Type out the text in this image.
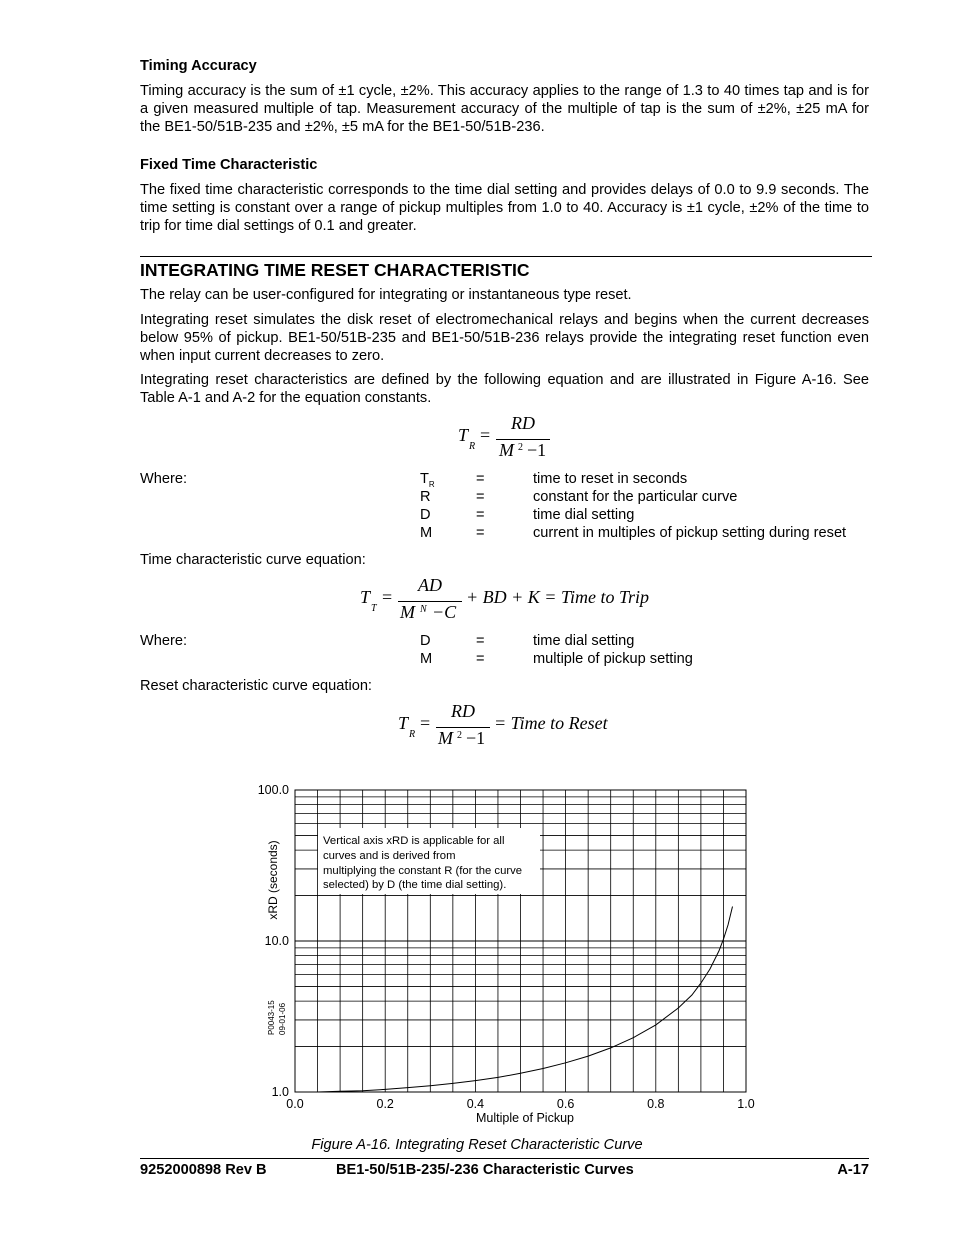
Timing Accuracy

Timing accuracy is the sum of ±1 cycle, ±2%. This accuracy applies to the range of 1.3 to 40 times tap and is for a given measured multiple of tap. Measurement accuracy of the multiple of tap is the sum of ±2%, ±25 mA for the BE1-50/51B-235 and ±2%, ±5 mA for the BE1-50/51B-236.

Fixed Time Characteristic

The fixed time characteristic corresponds to the time dial setting and provides delays of 0.0 to 9.9 seconds. The time setting is constant over a range of pickup multiples from 1.0 to 40. Accuracy is ±1 cycle, ±2% of the time to trip for time dial settings of 0.1 and greater.

INTEGRATING TIME RESET CHARACTERISTIC

The relay can be user-configured for integrating or instantaneous type reset.

Integrating reset simulates the disk reset of electromechanical relays and begins when the current decreases below 95% of pickup. BE1-50/51B-235 and BE1-50/51B-236 relays provide the integrating reset function even when input current decreases to zero.

Integrating reset characteristics are defined by the following equation and are illustrated in Figure A-16. See Table A-1 and A-2 for the equation constants.

T
R
=
RD
M 2 −1
Where:	$T_R$	=	time to reset in seconds
R	=	constant for the particular curve
D	=	time dial setting
M	=	current in multiples of pickup setting during reset
Time characteristic curve equation:
T
T
=
AD
M N −C
+ BD + K = Time to Trip
Where:	D	=	time dial setting
M	=	multiple of pickup setting
Reset characteristic curve equation:
T
R
=
RD
M 2 −1
= Time to Reset
0.0	0.2	0.4	0.6	0.8	1.0
1.0
10.0
100.0
Vertical axis xRD is applicable for all
curves and is derived from
multiplying the constant R (for the curve
selected) by D (the time dial setting).
xRD (seconds)
Multiple of Pickup
P0043-15 09-01-06
Figure A-16. Integrating Reset Characteristic Curve
9252000898 Rev B	BE1-50/51B-235/-236 Characteristic Curves	A-17
